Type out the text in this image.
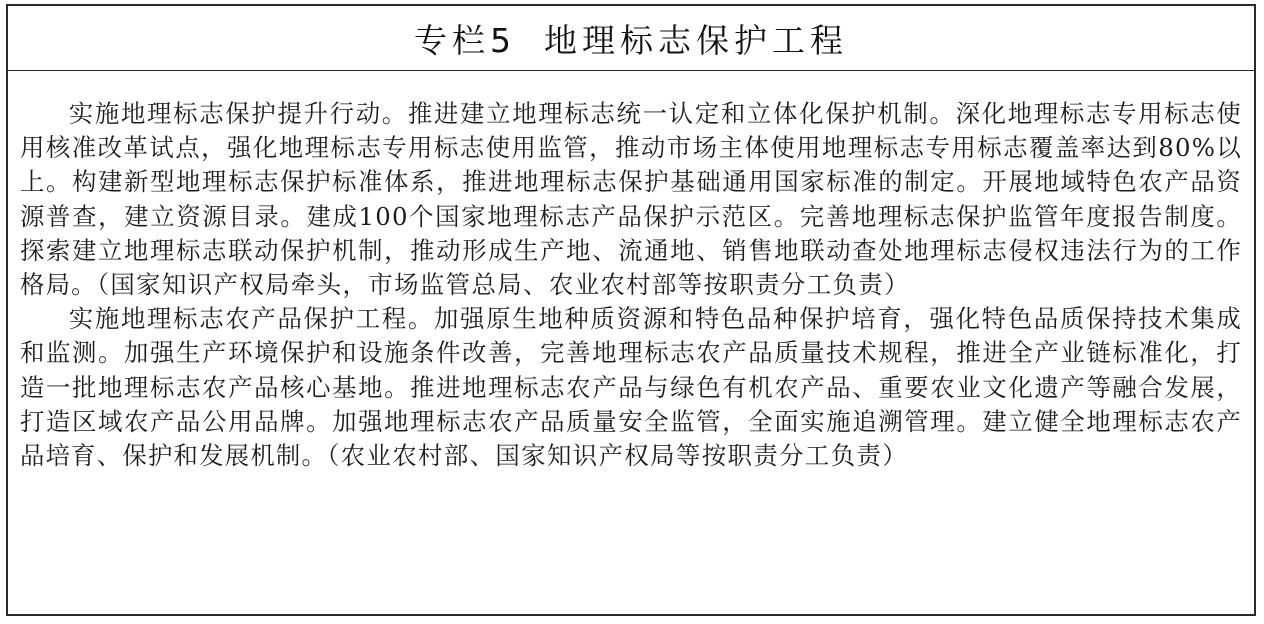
专栏5 地理标志保护工程

实施地理标志保护提升行动。推进建立地理标志统一认定和立体化保护机制。深化地理标志专用标志使用核准改革试点，强化地理标志专用标志使用监管，推动市场主体使用地理标志专用标志覆盖率达到80%以上。构建新型地理标志保护标准体系，推进地理标志保护基础通用国家标准的制定。开展地域特色农产品资源普查，建立资源目录。建成100个国家地理标志产品保护示范区。完善地理标志保护监管年度报告制度。探索建立地理标志联动保护机制，推动形成生产地、流通地、销售地联动查处地理标志侵权违法行为的工作格局。（国家知识产权局牵头，市场监管总局、农业农村部等按职责分工负责）

实施地理标志农产品保护工程。加强原生地种质资源和特色品种保护培育，强化特色品质保持技术集成和监测。加强生产环境保护和设施条件改善，完善地理标志农产品质量技术规程，推进全产业链标准化，打造一批地理标志农产品核心基地。推进地理标志农产品与绿色有机农产品、重要农业文化遗产等融合发展，打造区域农产品公用品牌。加强地理标志农产品质量安全监管，全面实施追溯管理。建立健全地理标志农产品培育、保护和发展机制。（农业农村部、国家知识产权局等按职责分工负责）
